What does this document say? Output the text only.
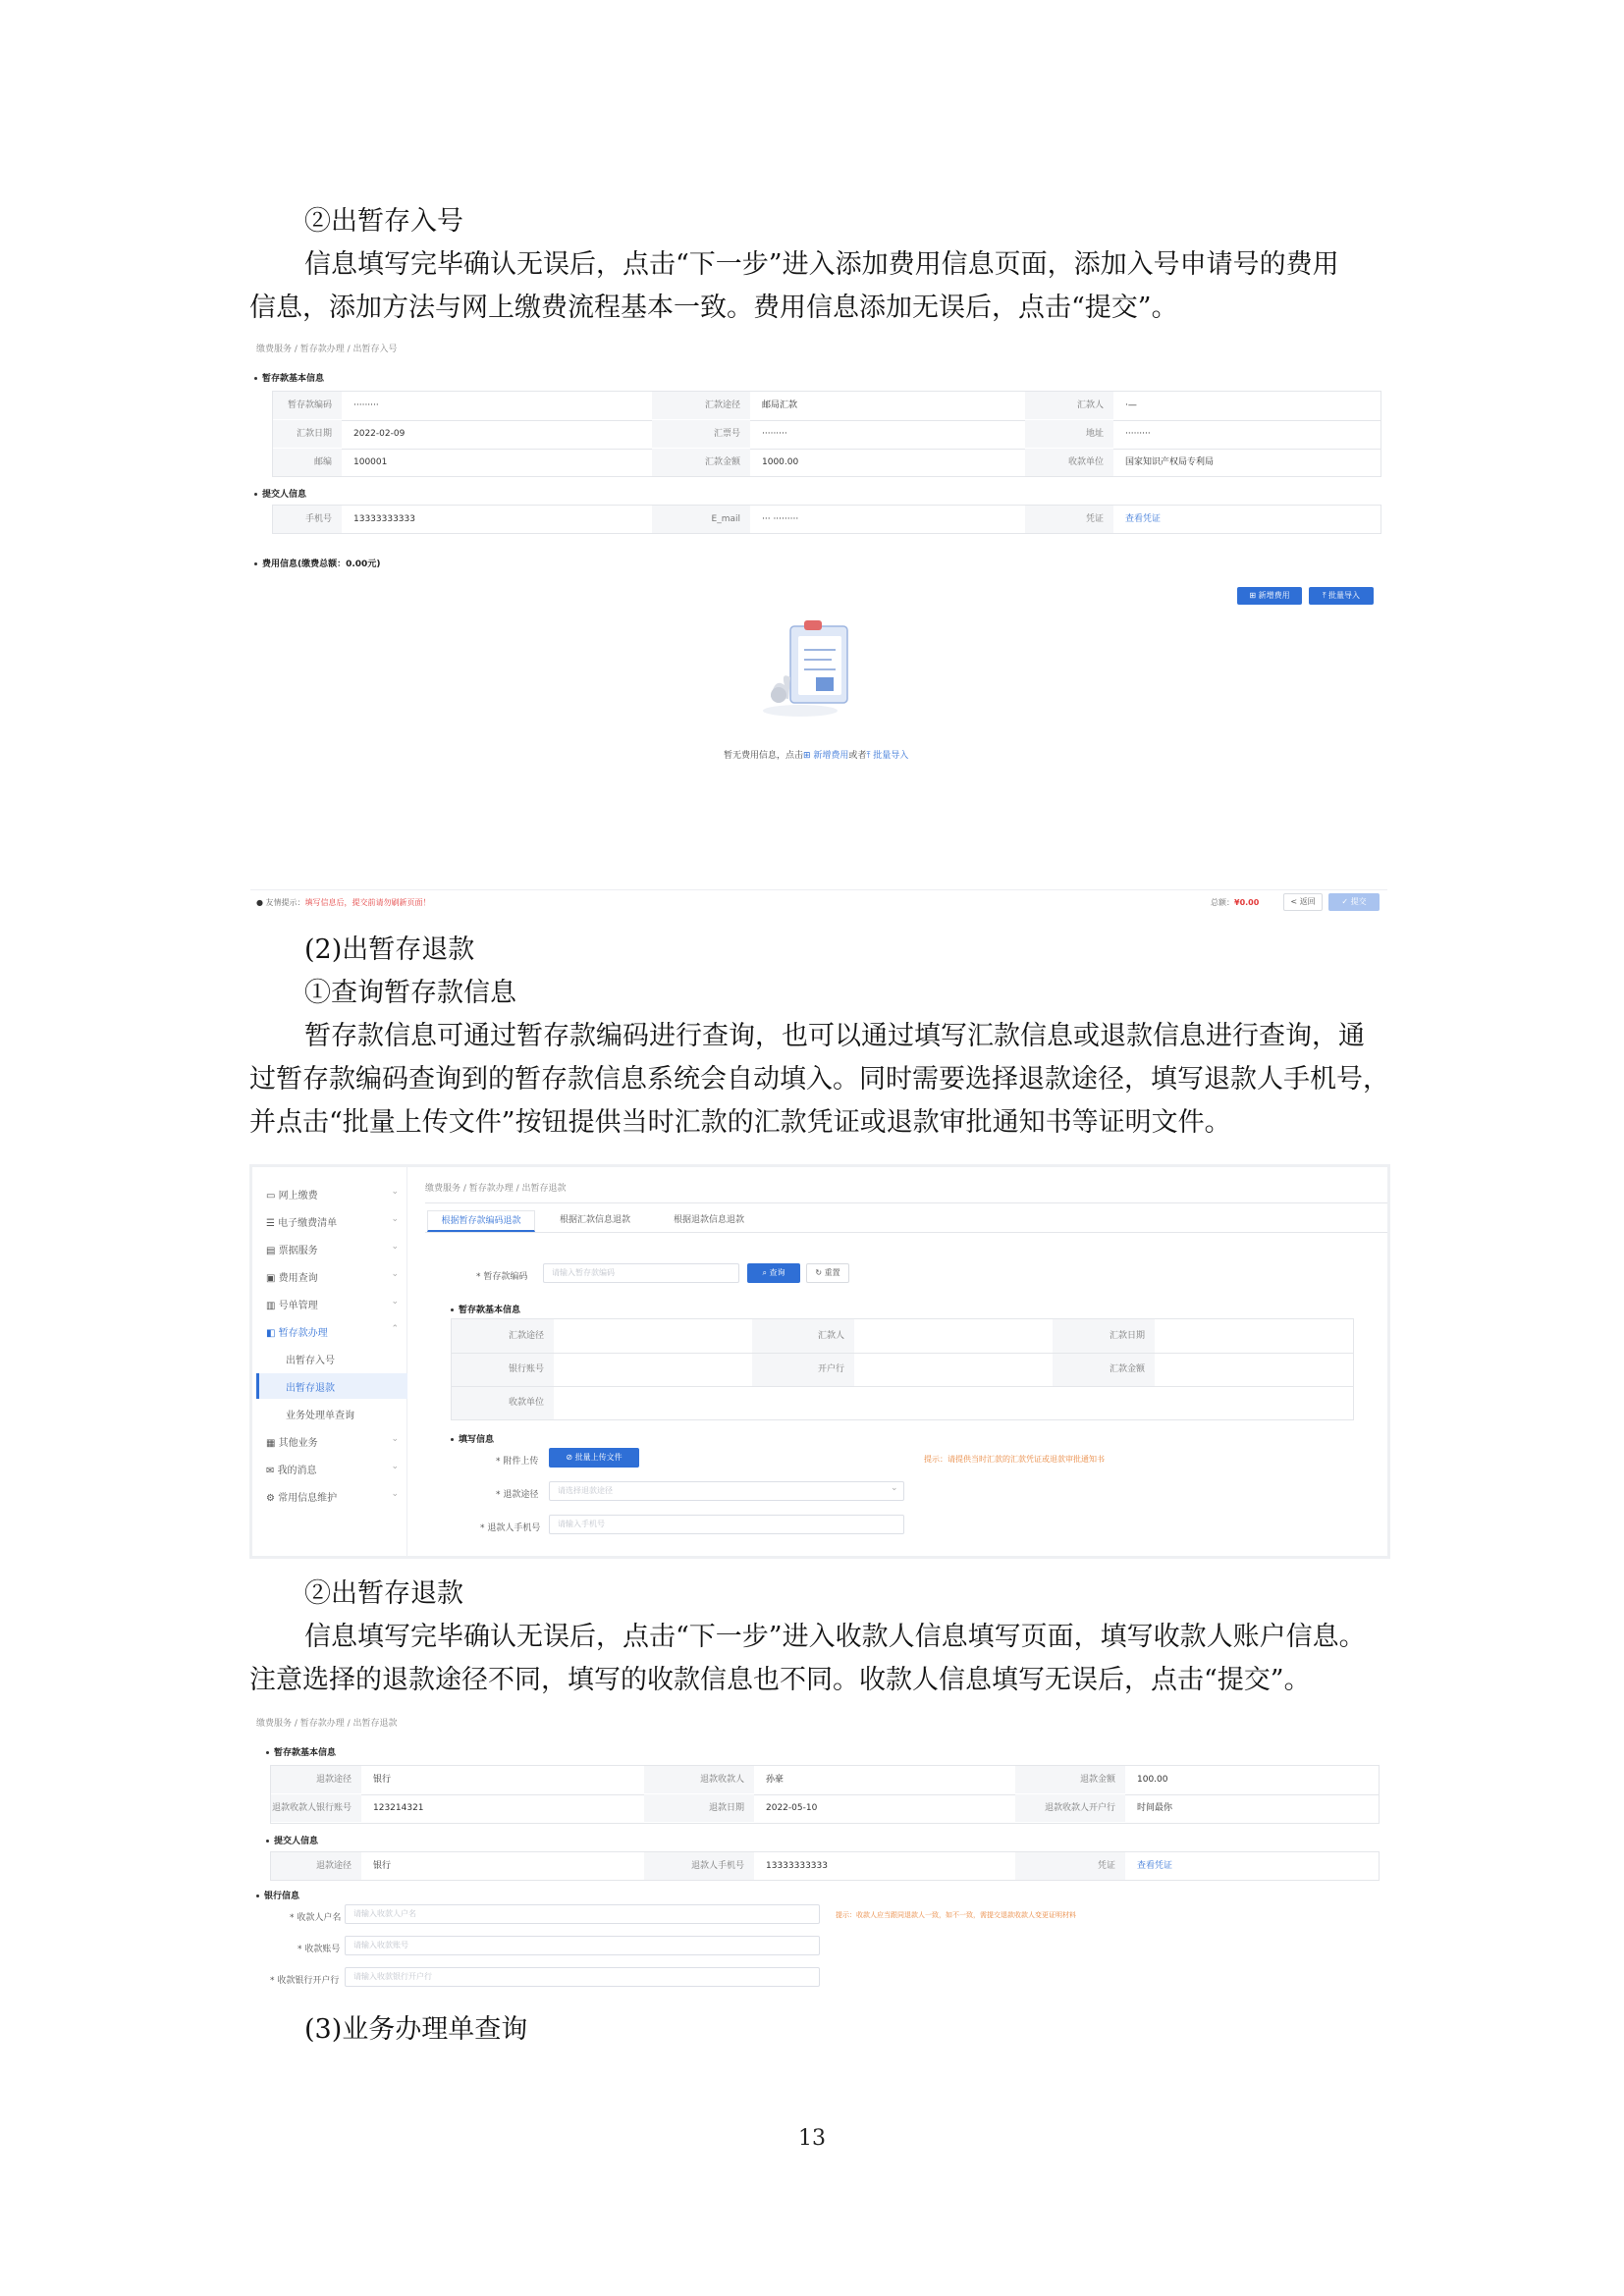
②出暂存入号
信息填写完毕确认无误后，点击“下一步”进入添加费用信息页面，添加入号申请号的费用
信息，添加方法与网上缴费流程基本一致。费用信息添加无误后，点击“提交”。
缴费服务 / 暂存款办理 / 出暂存入号
暂存款基本信息
暂存款编码	·········	汇款途径	邮局汇款	汇款人	·—
汇款日期	2022-02-09	汇票号	·········	地址	·········
邮编	100001	汇款金额	1000.00	收款单位	国家知识产权局专利局
提交人信息
手机号	13333333333	E_mail	··· ·········	凭证	查看凭证
费用信息(缴费总额：0.00元)
⊞ 新增费用	⤒ 批量导入
暂无费用信息，点击⊞ 新增费用或者⤒ 批量导入
● 友情提示：填写信息后，提交前请勿刷新页面！	总额：¥0.00	< 返回	✓ 提交
(2)出暂存退款
①查询暂存款信息
暂存款信息可通过暂存款编码进行查询，也可以通过填写汇款信息或退款信息进行查询，通
过暂存款编码查询到的暂存款信息系统会自动填入。同时需要选择退款途径，填写退款人手机号，
并点击“批量上传文件”按钮提供当时汇款的汇款凭证或退款审批通知书等证明文件。
▭ 网上缴费
☰ 电子缴费清单
▤ 票据服务
▣ 费用查询
▥ 号单管理
◧ 暂存款办理
出暂存入号
出暂存退款
业务处理单查询
▦ 其他业务
✉ 我的消息
⚙ 常用信息维护
⌄
⌄
⌄
⌄
⌄
⌃
⌄
⌄
⌄
缴费服务 / 暂存款办理 / 出暂存退款
根据暂存款编码退款	根据汇款信息退款	根据退款信息退款
* 暂存款编码	请输入暂存款编码	⌕ 查询	↻ 重置
暂存款基本信息
汇款途径	汇款人	汇款日期
银行账号	开户行	汇款金额
收款单位
填写信息
* 附件上传	⊘ 批量上传文件	提示：请提供当时汇款的汇款凭证或退款审批通知书
* 退款途径	请选择退款途径	⌄
* 退款人手机号	请输入手机号
②出暂存退款
信息填写完毕确认无误后，点击“下一步”进入收款人信息填写页面，填写收款人账户信息。
注意选择的退款途径不同，填写的收款信息也不同。收款人信息填写无误后，点击“提交”。
缴费服务 / 暂存款办理 / 出暂存退款
暂存款基本信息
退款途径	银行	退款收款人	孙豪	退款金额	100.00
退款收款人银行账号	123214321	退款日期	2022-05-10	退款收款人开户行	时间最你
提交人信息
退款途径	银行	退款人手机号	13333333333	凭证	查看凭证
银行信息
* 收款人户名	请输入收款人户名	提示：收款人应当跟同退款人一致，如不一致，需提交退款收款人变更证明材料
* 收款账号	请输入收款账号
* 收款银行开户行	请输入收款银行开户行
(3)业务办理单查询
13
